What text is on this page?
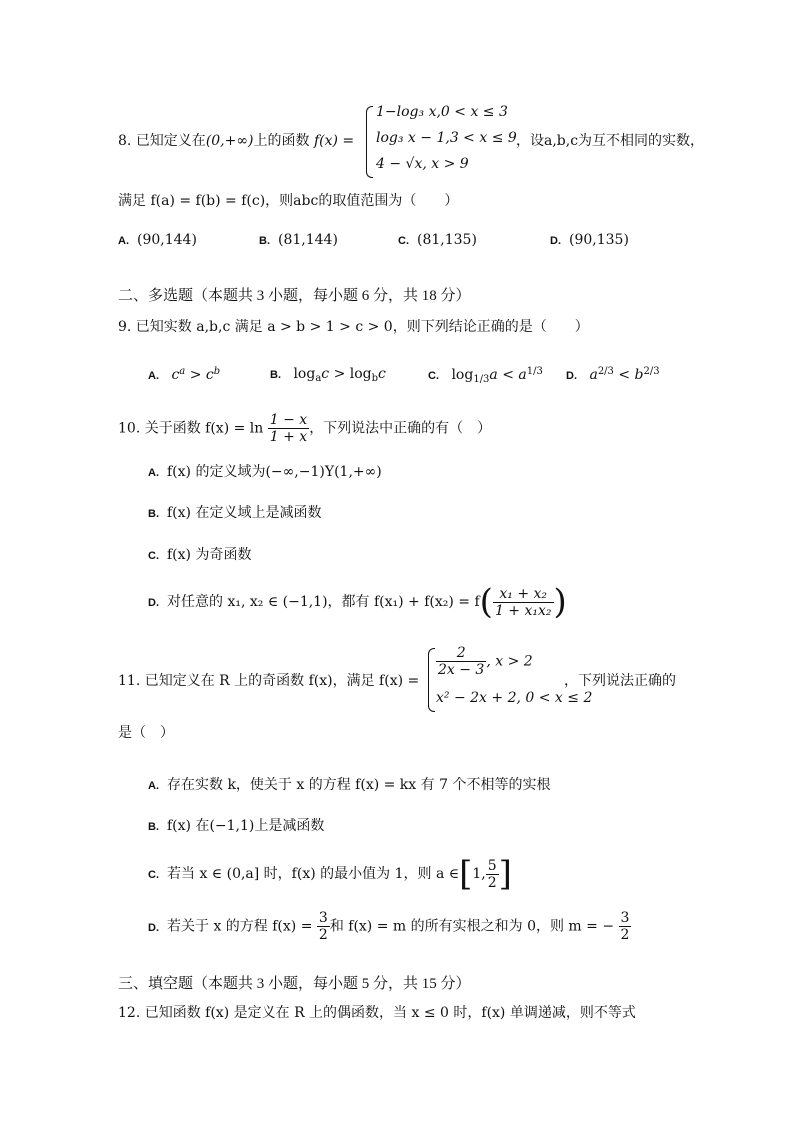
8. 已知定义在(0,+∞)上的函数 f(x) =
1−log₃ x,0 < x ≤ 3
log₃ x − 1,3 < x ≤ 9
4 − √x, x > 9
，设a,b,c为互不相同的实数，
满足 f(a) = f(b) = f(c)，则abc的取值范围为（　　）
A. (90,144)	B. (81,144)	C. (81,135)	D. (90,135)
二、多选题（本题共 3 小题，每小题 6 分，共 18 分）
9. 已知实数 a,b,c 满足 a > b > 1 > c > 0，则下列结论正确的是（　　）
A. $c^a > c^b$	B. $\log_ac > \log_bc$	C. $\log_{1/3}a < a^{1/3}$ D. $a^{2/3} < b^{2/3}$
10. 关于函数 $f(x) = \ln \frac{1 - x}{1 + x}$ ，下列说法中正确的有（　）
A. f(x) 的定义域为(−∞,−1)Y(1,+∞)
B. f(x) 在定义域上是减函数
C. f(x) 为奇函数
D. 对任意的 x₁, x₂ ∈ (−1,1)，都有 $f(x_1) + f(x_2) = f( \frac{\text{x₁ + x₂}}{\text{1 + x₁x₂}}$ )
11. 已知定义在 R 上的奇函数 f(x)，满足 f(x) =
$\frac{2}{2x - 3}$ , x > 2
x² − 2x + 2, 0 < x ≤ 2
，下列说法正确的
是（　）
A. 存在实数 k，使关于 x 的方程 f(x) = kx 有 7 个不相等的实根
B. f(x) 在(−1,1)上是减函数
C. 若当 x ∈ (0,a] 时，f(x) 的最小值为 1，则 a ∈[1, $\frac{5}{2}$ ]
D. 若关于 x 的方程 $f(x) = \frac{3}{2}$ 和 f(x) = m 的所有实根之和为 0，则 m = − $\frac{3}{2}$
三、填空题（本题共 3 小题，每小题 5 分，共 15 分）
12. 已知函数 f(x) 是定义在 R 上的偶函数，当 x ≤ 0 时，f(x) 单调递减，则不等式
